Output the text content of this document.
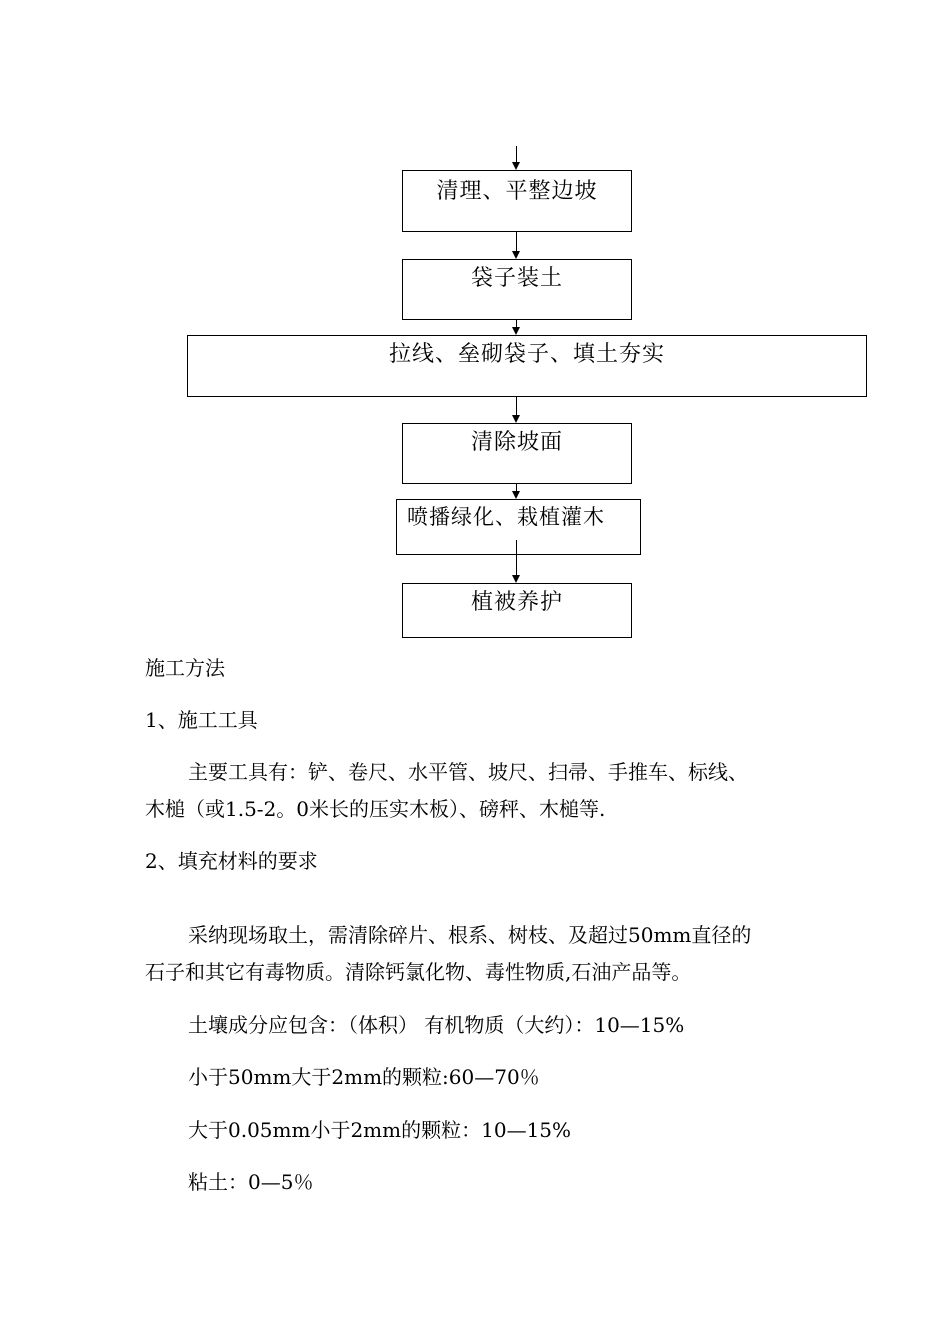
清理、平整边坡
袋子装土
拉线、垒砌袋子、填土夯实
清除坡面
喷播绿化、栽植灌木
植被养护

施工方法

1、施工工具

主要工具有：铲、卷尺、水平管、坡尺、扫帚、手推车、标线、

木槌（或1.5-2。0米长的压实木板）、磅秤、木槌等.

2、填充材料的要求

采纳现场取土，需清除碎片、根系、树枝、及超过50mm直径的

石子和其它有毒物质。清除钙氯化物、毒性物质,石油产品等。

土壤成分应包含：（体积） 有机物质（大约）：10—15%

小于50mm大于2mm的颗粒:60—70％

大于0.05mm小于2mm的颗粒：10—15%

粘土：0—5％
